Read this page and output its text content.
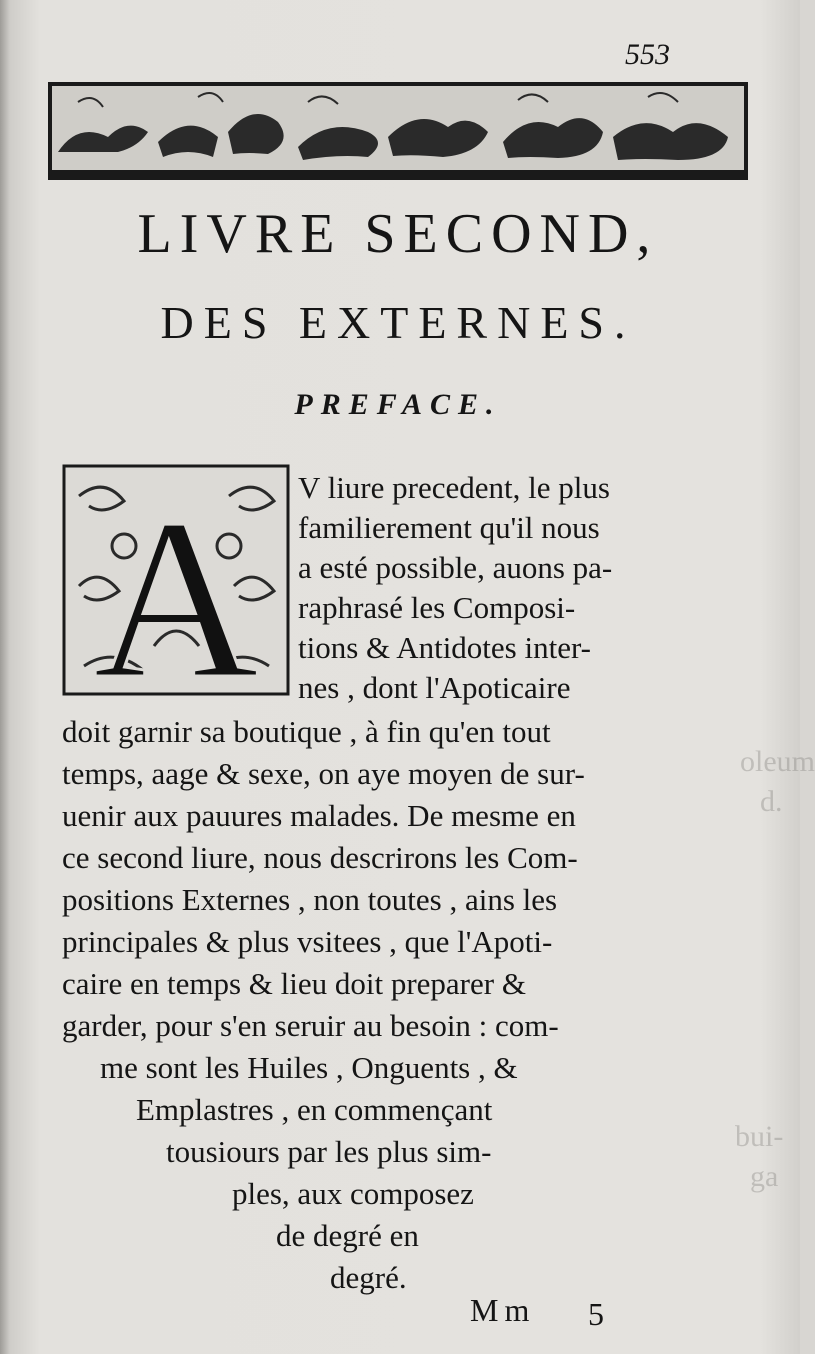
oleum
d.
bui-
ga
553
LIVRE SECOND,
DES EXTERNES.
PREFACE.
A V liure precedent, le plus
familierement qu'il nous
a esté possible, auons pa-
raphrasé les Composi-
tions & Antidotes inter-
nes , dont l'Apoticaire
doit garnir sa boutique , à fin qu'en tout
temps, aage & sexe, on aye moyen de sur-
uenir aux pauures malades. De mesme en
ce second liure, nous descrirons les Com-
positions Externes , non toutes , ains les
principales & plus vsitees , que l'Apoti-
caire en temps & lieu doit preparer &
garder, pour s'en seruir au besoin : com-
me sont les Huiles , Onguents , &
Emplastres , en commençant
tousiours par les plus sim-
ples, aux composez
de degré en
degré.
Mm 5
